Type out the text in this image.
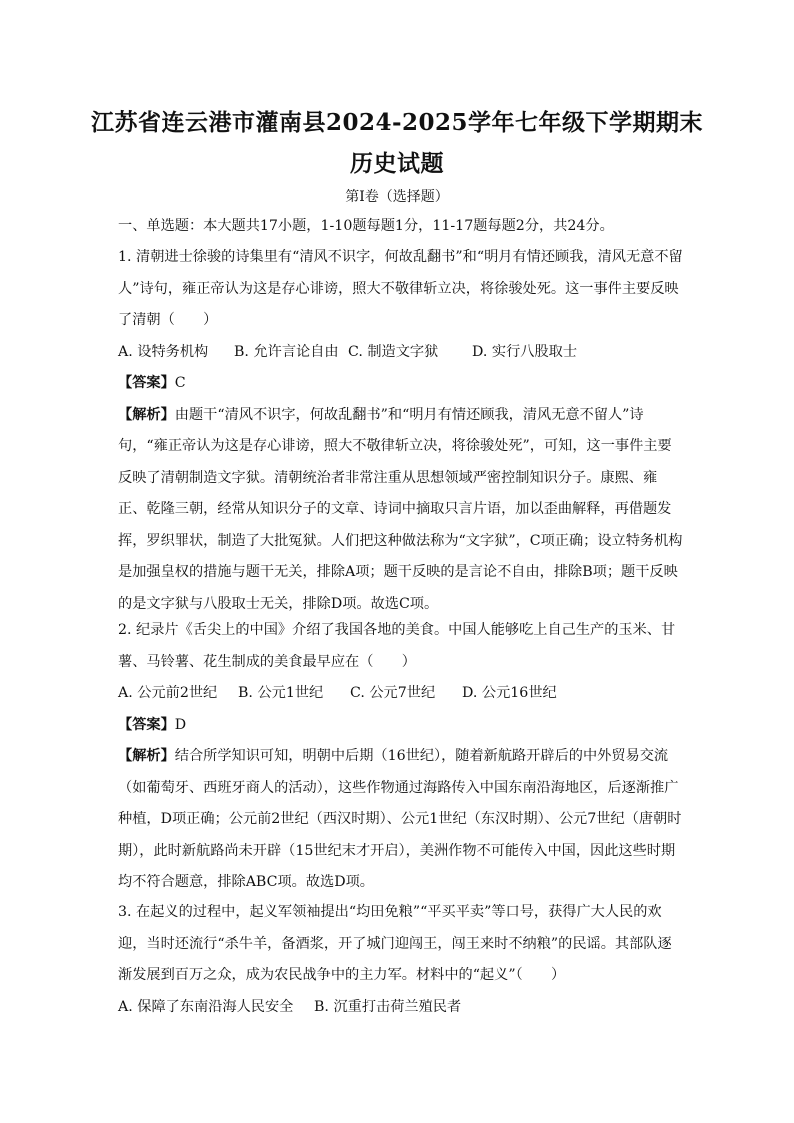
江苏省连云港市灌南县2024-2025学年七年级下学期期末
历史试题
第Ⅰ卷（选择题）

一、单选题：本大题共17小题，1-10题每题1分，11-17题每题2分，共24分。

1. 清朝进士徐骏的诗集里有“清风不识字，何故乱翻书”和“明月有情还顾我，清风无意不留人”诗句，雍正帝认为这是存心诽谤，照大不敬律斩立决，将徐骏处死。这一事件主要反映了清朝（　　）

A. 设特务机构 B. 允许言论自由 C. 制造文字狱 D. 实行八股取士

【答案】C

【解析】由题干“清风不识字，何故乱翻书”和“明月有情还顾我，清风无意不留人”诗句，“雍正帝认为这是存心诽谤，照大不敬律斩立决，将徐骏处死”，可知，这一事件主要反映了清朝制造文字狱。清朝统治者非常注重从思想领域严密控制知识分子。康熙、雍正、乾隆三朝，经常从知识分子的文章、诗词中摘取只言片语，加以歪曲解释，再借题发挥，罗织罪状，制造了大批冤狱。人们把这种做法称为“文字狱”，C项正确；设立特务机构是加强皇权的措施与题干无关，排除A项；题干反映的是言论不自由，排除B项；题干反映的是文字狱与八股取士无关，排除D项。故选C项。

2. 纪录片《舌尖上的中国》介绍了我国各地的美食。中国人能够吃上自己生产的玉米、甘薯、马铃薯、花生制成的美食最早应在（　　）

A. 公元前2世纪 B. 公元1世纪 C. 公元7世纪 D. 公元16世纪

【答案】D

【解析】结合所学知识可知，明朝中后期（16世纪），随着新航路开辟后的中外贸易交流（如葡萄牙、西班牙商人的活动），这些作物通过海路传入中国东南沿海地区，后逐渐推广种植，D项正确；公元前2世纪（西汉时期）、公元1世纪（东汉时期）、公元7世纪（唐朝时期），此时新航路尚未开辟（15世纪末才开启），美洲作物不可能传入中国，因此这些时期均不符合题意，排除ABC项。故选D项。

3. 在起义的过程中，起义军领袖提出“均田免粮”“平买平卖”等口号，获得广大人民的欢迎，当时还流行“杀牛羊，备酒浆，开了城门迎闯王，闯王来时不纳粮”的民谣。其部队逐渐发展到百万之众，成为农民战争中的主力军。材料中的“起义”（　　）

A. 保障了东南沿海人民安全 B. 沉重打击荷兰殖民者
